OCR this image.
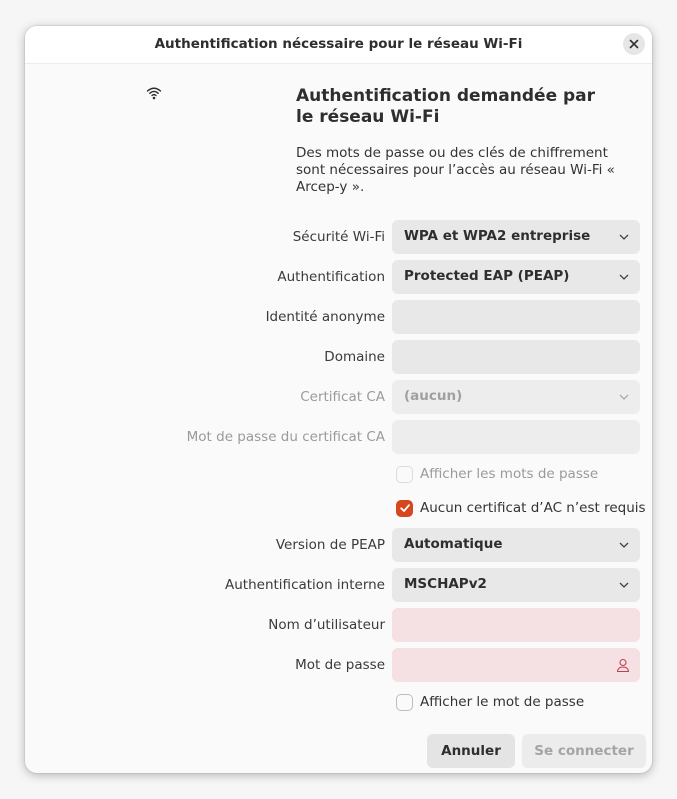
Authentification nécessaire pour le réseau Wi-Fi
Authentification demandée par le réseau Wi-Fi
Des mots de passe ou des clés de chiffrement sont nécessaires pour l’accès au réseau Wi-Fi « Arcep-y ».
Sécurité Wi-Fi WPA et WPA2 entreprise
Authentification Protected EAP (PEAP)
Identité anonyme
Domaine
Certificat CA (aucun)
Mot de passe du certificat CA
Afficher les mots de passe
Aucun certificat d’AC n’est requis
Version de PEAP Automatique
Authentification interne MSCHAPv2
Nom d’utilisateur
Mot de passe
Afficher le mot de passe
Annuler	Se connecter
